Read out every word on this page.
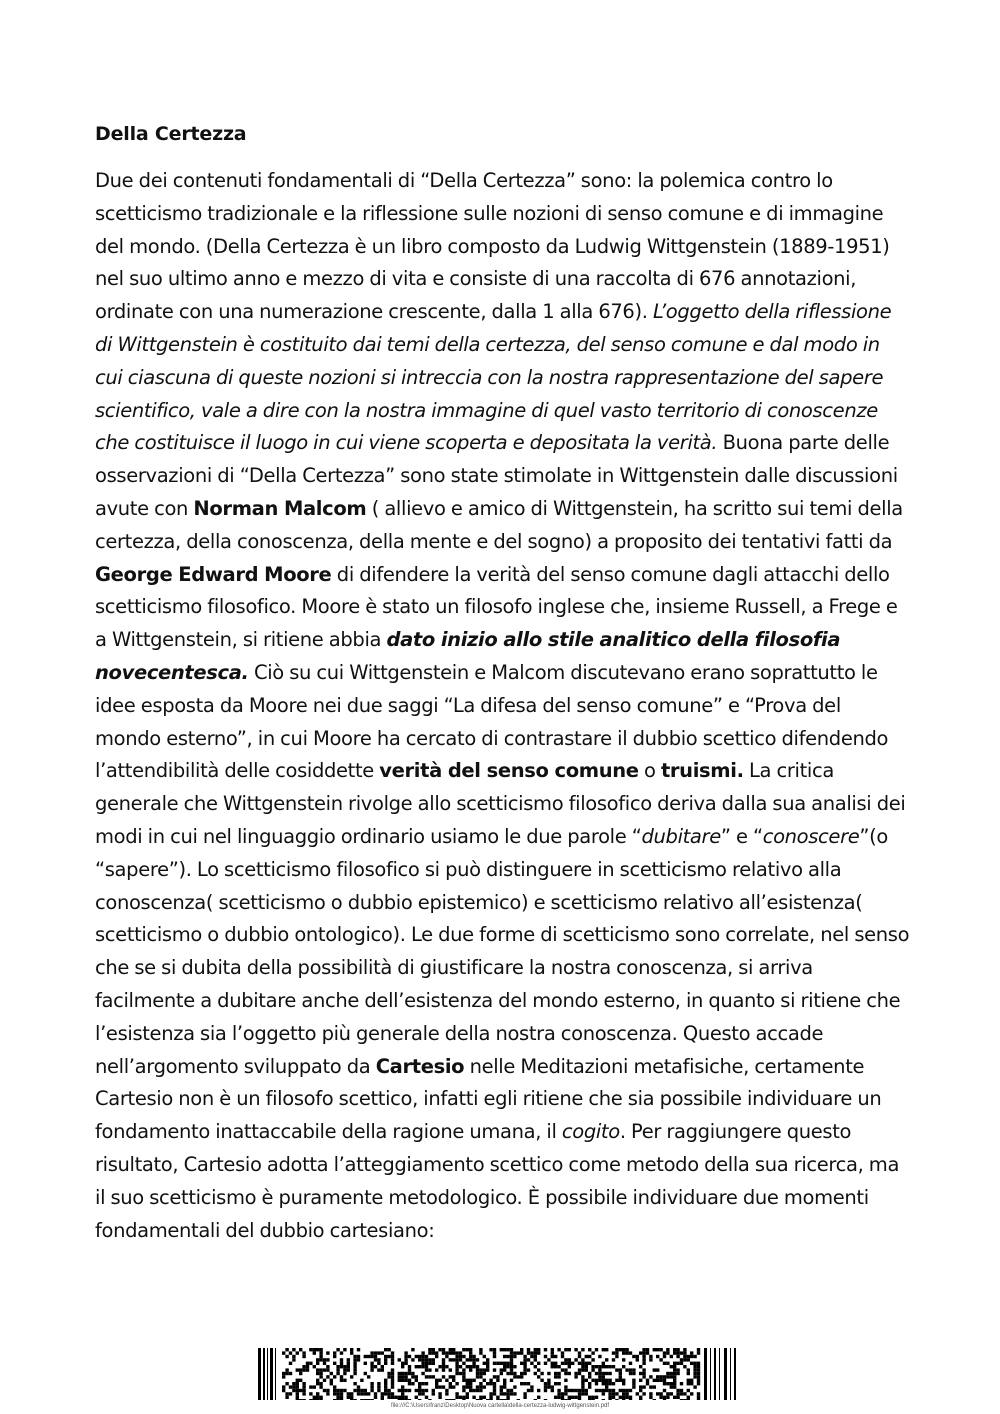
Della Certezza

Due dei contenuti fondamentali di “Della Certezza” sono: la polemica contro lo scetticismo tradizionale e la riflessione sulle nozioni di senso comune e di immagine del mondo. (Della Certezza è un libro composto da Ludwig Wittgenstein (1889-1951) nel suo ultimo anno e mezzo di vita e consiste di una raccolta di 676 annotazioni, ordinate con una numerazione crescente, dalla 1 alla 676). L’oggetto della riflessione di Wittgenstein è costituito dai temi della certezza, del senso comune e dal modo in cui ciascuna di queste nozioni si intreccia con la nostra rappresentazione del sapere scientifico, vale a dire con la nostra immagine di quel vasto territorio di conoscenze che costituisce il luogo in cui viene scoperta e depositata la verità. Buona parte delle osservazioni di “Della Certezza” sono state stimolate in Wittgenstein dalle discussioni avute con Norman Malcom ( allievo e amico di Wittgenstein, ha scritto sui temi della certezza, della conoscenza, della mente e del sogno) a proposito dei tentativi fatti da George Edward Moore di difendere la verità del senso comune dagli attacchi dello scetticismo filosofico. Moore è stato un filosofo inglese che, insieme Russell, a Frege e a Wittgenstein, si ritiene abbia dato inizio allo stile analitico della filosofia novecentesca. Ciò su cui Wittgenstein e Malcom discutevano erano soprattutto le idee esposta da Moore nei due saggi “La difesa del senso comune” e “Prova del mondo esterno”, in cui Moore ha cercato di contrastare il dubbio scettico difendendo l’attendibilità delle cosiddette verità del senso comune o truismi. La critica generale che Wittgenstein rivolge allo scetticismo filosofico deriva dalla sua analisi dei modi in cui nel linguaggio ordinario usiamo le due parole “dubitare” e “conoscere”(o “sapere”). Lo scetticismo filosofico si può distinguere in scetticismo relativo alla conoscenza( scetticismo o dubbio epistemico) e scetticismo relativo all’esistenza( scetticismo o dubbio ontologico). Le due forme di scetticismo sono correlate, nel senso che se si dubita della possibilità di giustificare la nostra conoscenza, si arriva facilmente a dubitare anche dell’esistenza del mondo esterno, in quanto si ritiene che l’esistenza sia l’oggetto più generale della nostra conoscenza. Questo accade nell’argomento sviluppato da Cartesio nelle Meditazioni metafisiche, certamente Cartesio non è un filosofo scettico, infatti egli ritiene che sia possibile individuare un fondamento inattaccabile della ragione umana, il cogito. Per raggiungere questo risultato, Cartesio adotta l’atteggiamento scettico come metodo della sua ricerca, ma il suo scetticismo è puramente metodologico. È possibile individuare due momenti fondamentali del dubbio cartesiano:

file:///C:\Users\franz\Desktop\Nuova cartella\della-certezza-ludwig-wittgenstein.pdf
